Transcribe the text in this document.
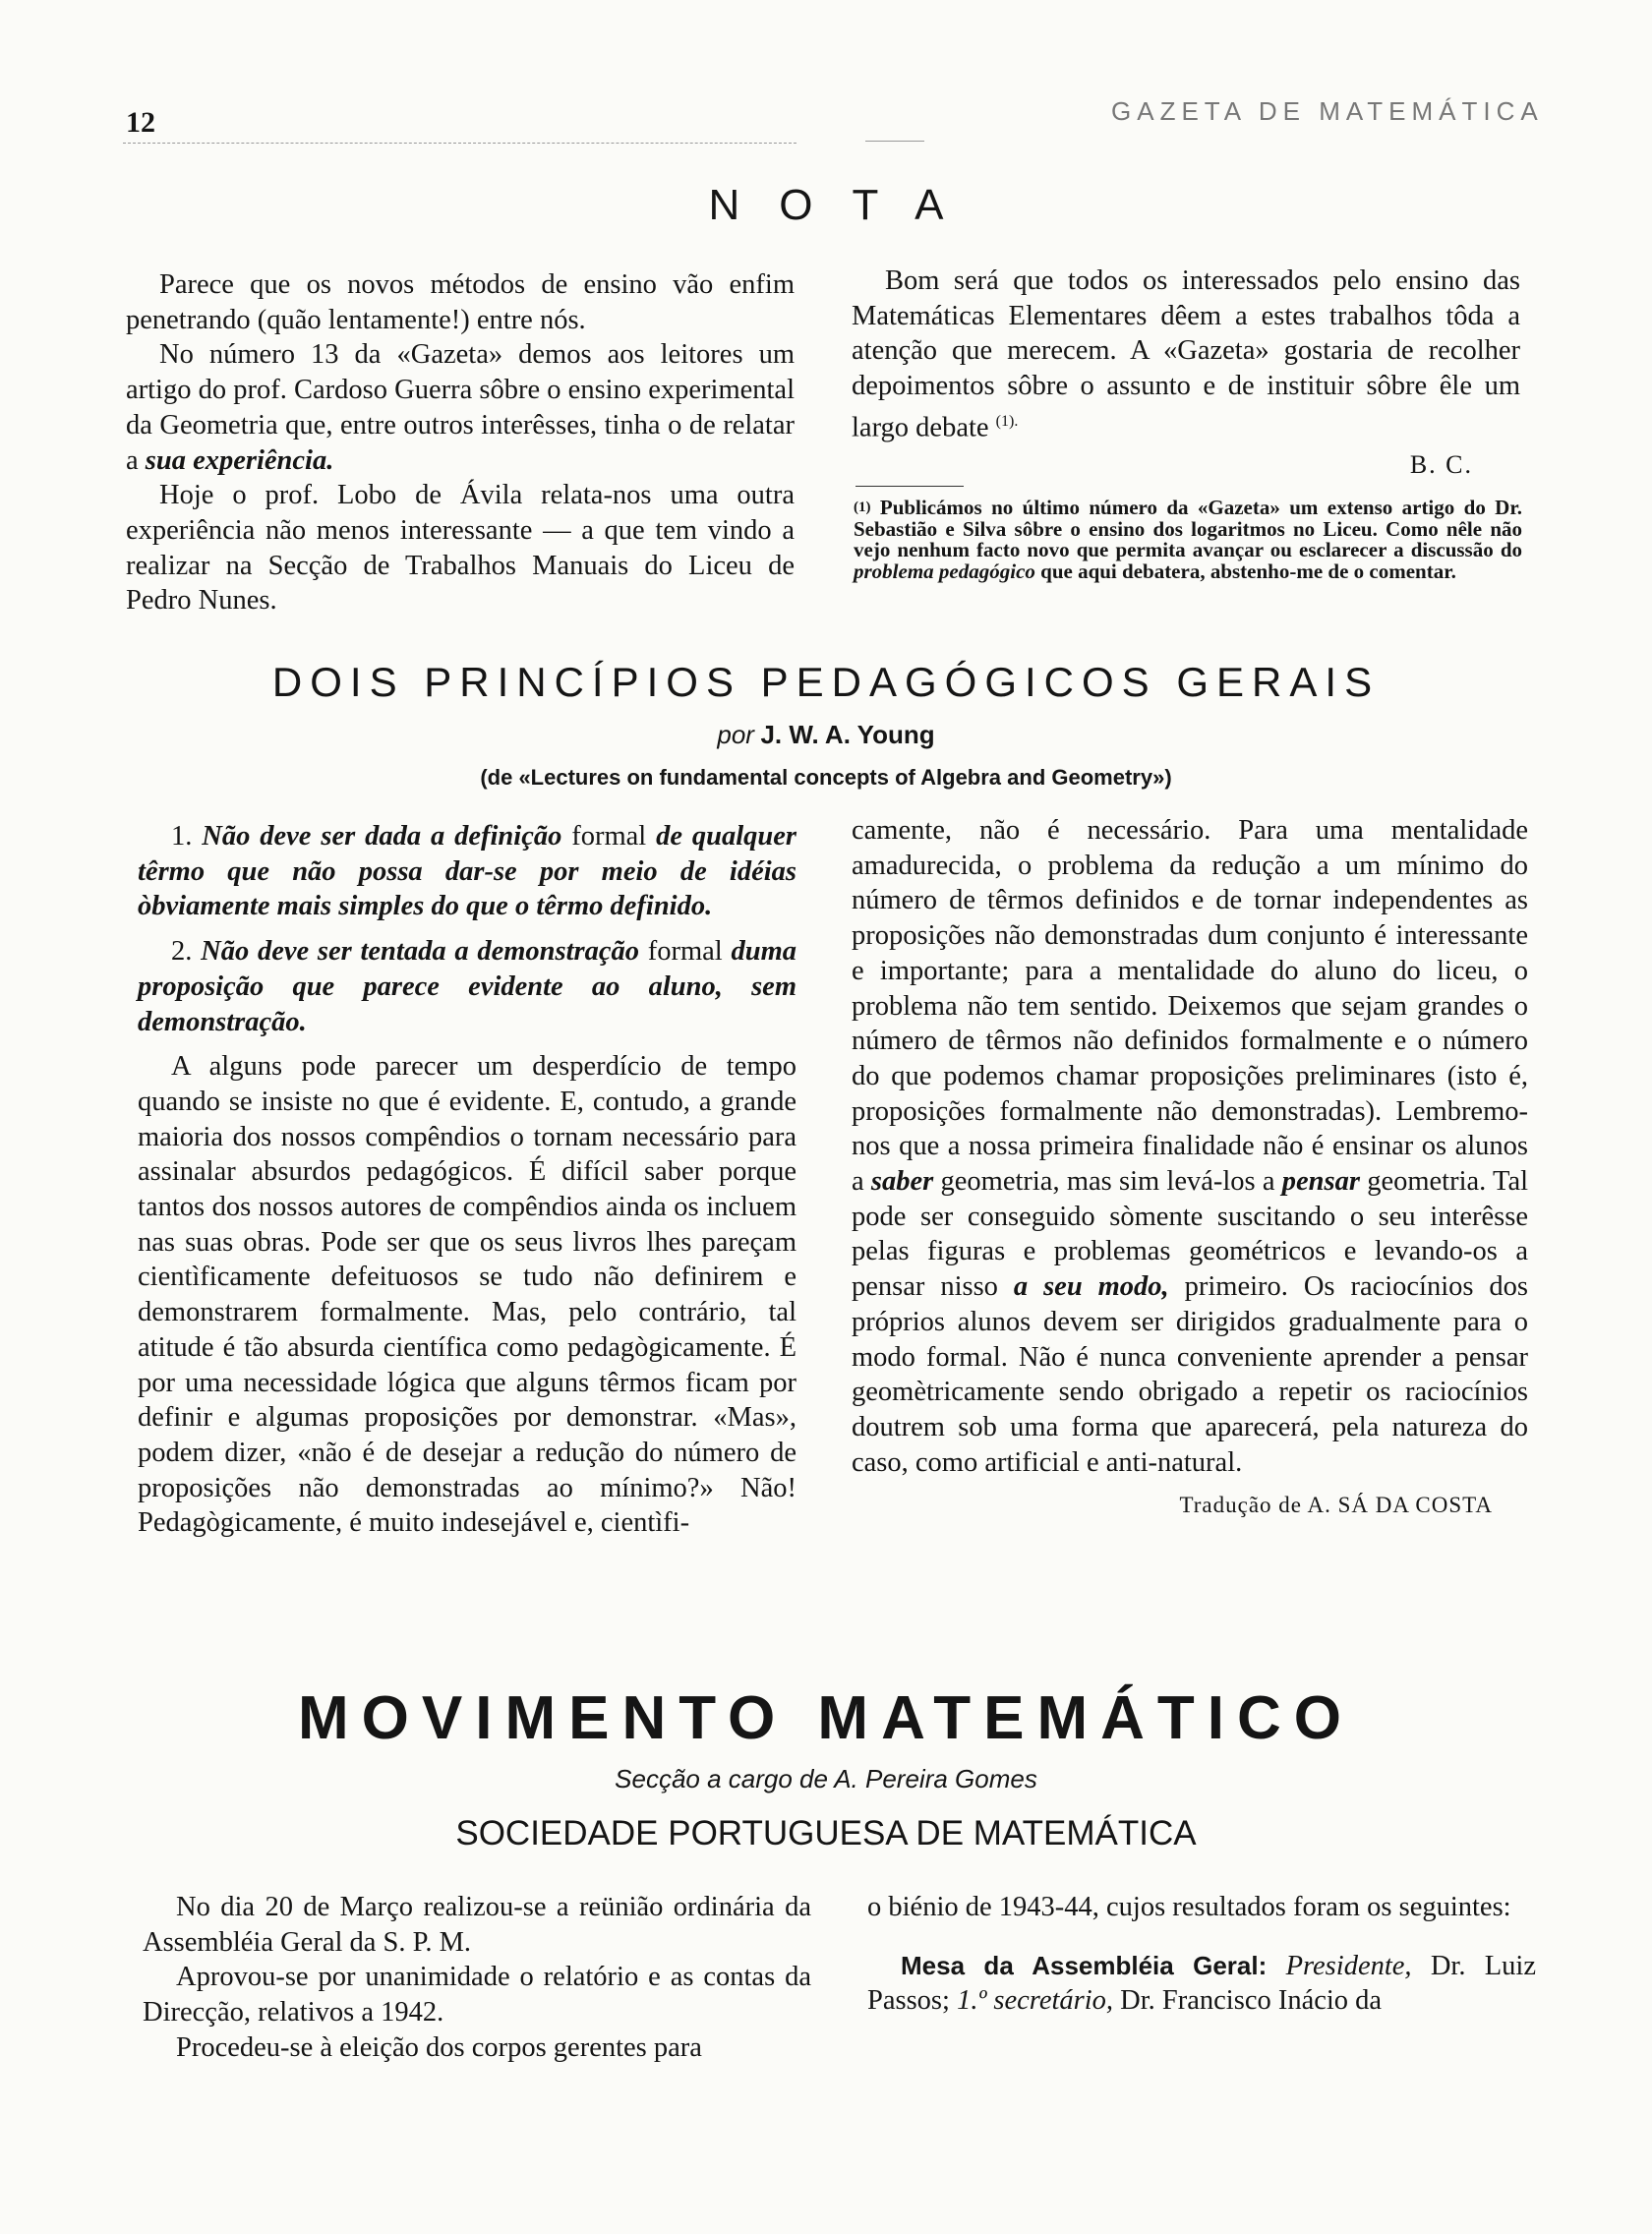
12	GAZETA DE MATEMÁTICA
NOTA

Parece que os novos métodos de ensino vão enfim penetrando (quão lentamente!) entre nós.

No número 13 da «Gazeta» demos aos leitores um artigo do prof. Cardoso Guerra sôbre o ensino experimental da Geometria que, entre outros interêsses, tinha o de relatar a sua experiência.

Hoje o prof. Lobo de Ávila relata-nos uma outra experiência não menos interessante — a que tem vindo a realizar na Secção de Trabalhos Manuais do Liceu de Pedro Nunes.

Bom será que todos os interessados pelo ensino das Matemáticas Elementares dêem a estes trabalhos tôda a atenção que merecem. A «Gazeta» gostaria de recolher depoimentos sôbre o assunto e de instituir sôbre êle um largo debate $^{(1).}$

B. C.
$^{(1)}$ Publicámos no último número da «Gazeta» um extenso artigo do Dr. Sebastião e Silva sôbre o ensino dos logaritmos no Liceu. Como nêle não vejo nenhum facto novo que permita avançar ou esclarecer a discussão do problema pedagógico que aqui debatera, abstenho-me de o comentar.
DOIS PRINCÍPIOS PEDAGÓGICOS GERAIS
por J. W. A. Young
(de «Lectures on fundamental concepts of Algebra and Geometry»)

1. Não deve ser dada a definição formal de qualquer têrmo que não possa dar-se por meio de idéias òbviamente mais simples do que o têrmo definido.

2. Não deve ser tentada a demonstração formal duma proposição que parece evidente ao aluno, sem demonstração.

A alguns pode parecer um desperdício de tempo quando se insiste no que é evidente. E, contudo, a grande maioria dos nossos compêndios o tornam necessário para assinalar absurdos pedagógicos. É difícil saber porque tantos dos nossos autores de compêndios ainda os incluem nas suas obras. Pode ser que os seus livros lhes pareçam cientìficamente defeituosos se tudo não definirem e demonstrarem formalmente. Mas, pelo contrário, tal atitude é tão absurda científica como pedagògicamente. É por uma necessidade lógica que alguns têrmos ficam por definir e algumas proposições por demonstrar. «Mas», podem dizer, «não é de desejar a redução do número de proposições não demonstradas ao mínimo?» Não! Pedagògicamente, é muito indesejável e, cientìfi-

camente, não é necessário. Para uma mentalidade amadurecida, o problema da redução a um mínimo do número de têrmos definidos e de tornar independentes as proposições não demonstradas dum conjunto é interessante e importante; para a mentalidade do aluno do liceu, o problema não tem sentido. Deixemos que sejam grandes o número de têrmos não definidos formalmente e o número do que podemos chamar proposições preliminares (isto é, proposições formalmente não demonstradas). Lembremo-nos que a nossa primeira finalidade não é ensinar os alunos a saber geometria, mas sim levá-los a pensar geometria. Tal pode ser conseguido sòmente suscitando o seu interêsse pelas figuras e problemas geométricos e levando-os a pensar nisso a seu modo, primeiro. Os raciocínios dos próprios alunos devem ser dirigidos gradualmente para o modo formal. Não é nunca conveniente aprender a pensar geomètricamente sendo obrigado a repetir os raciocínios doutrem sob uma forma que aparecerá, pela natureza do caso, como artificial e anti-natural.

Tradução de A. SÁ DA COSTA
MOVIMENTO MATEMÁTICO
Secção a cargo de A. Pereira Gomes
SOCIEDADE PORTUGUESA DE MATEMÁTICA

No dia 20 de Março realizou-se a reünião ordinária da Assembléia Geral da S. P. M.

Aprovou-se por unanimidade o relatório e as contas da Direcção, relativos a 1942.

Procedeu-se à eleição dos corpos gerentes para

o biénio de 1943-44, cujos resultados foram os seguintes:

Mesa da Assembléia Geral: Presidente, Dr. Luiz Passos; 1.º secretário, Dr. Francisco Inácio da
